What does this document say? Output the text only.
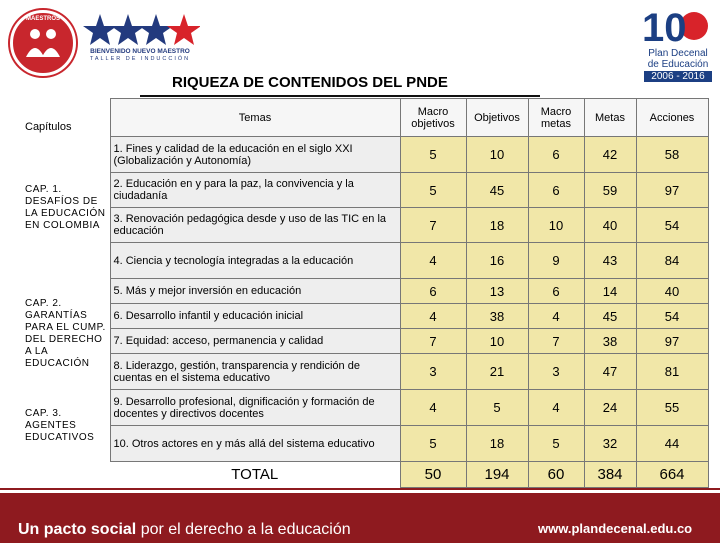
MAESTROS
BIENVENIDO NUEVO MAESTRO
TALLER DE INDUCCIÓN
10
Plan Decenal
de Educación
2006 - 2016
RIQUEZA DE CONTENIDOS DEL PNDE
Capítulos	Temas	Macro objetivos	Objetivos	Macro metas	Metas	Acciones
CAP. 1. DESAFÍOS DE LA EDUCACIÓN EN COLOMBIA	1. Fines y calidad de la educación en el siglo XXI (Globalización y Autonomía)	5	10	6	42	58
	2. Educación en y para la paz, la convivencia y la ciudadanía	5	45	6	59	97
	3. Renovación pedagógica desde y uso de las TIC en la educación	7	18	10	40	54
	4. Ciencia y tecnología integradas a la educación	4	16	9	43	84
CAP. 2. GARANTÍAS PARA EL CUMP. DEL DERECHO A LA EDUCACIÓN	5. Más y mejor inversión en educación	6	13	6	14	40
	6. Desarrollo infantil y educación inicial	4	38	4	45	54
	7. Equidad: acceso, permanencia y calidad	7	10	7	38	97
	8. Liderazgo, gestión, transparencia y rendición de cuentas en el sistema educativo	3	21	3	47	81
CAP. 3. AGENTES EDUCATIVOS	9. Desarrollo profesional, dignificación y formación de docentes y directivos docentes	4	5	4	24	55
	10. Otros actores en y más allá del sistema educativo	5	18	5	32	44
	TOTAL	50	194	60	384	664
Un pacto social por el derecho a la educación	www.plandecenal.edu.co
